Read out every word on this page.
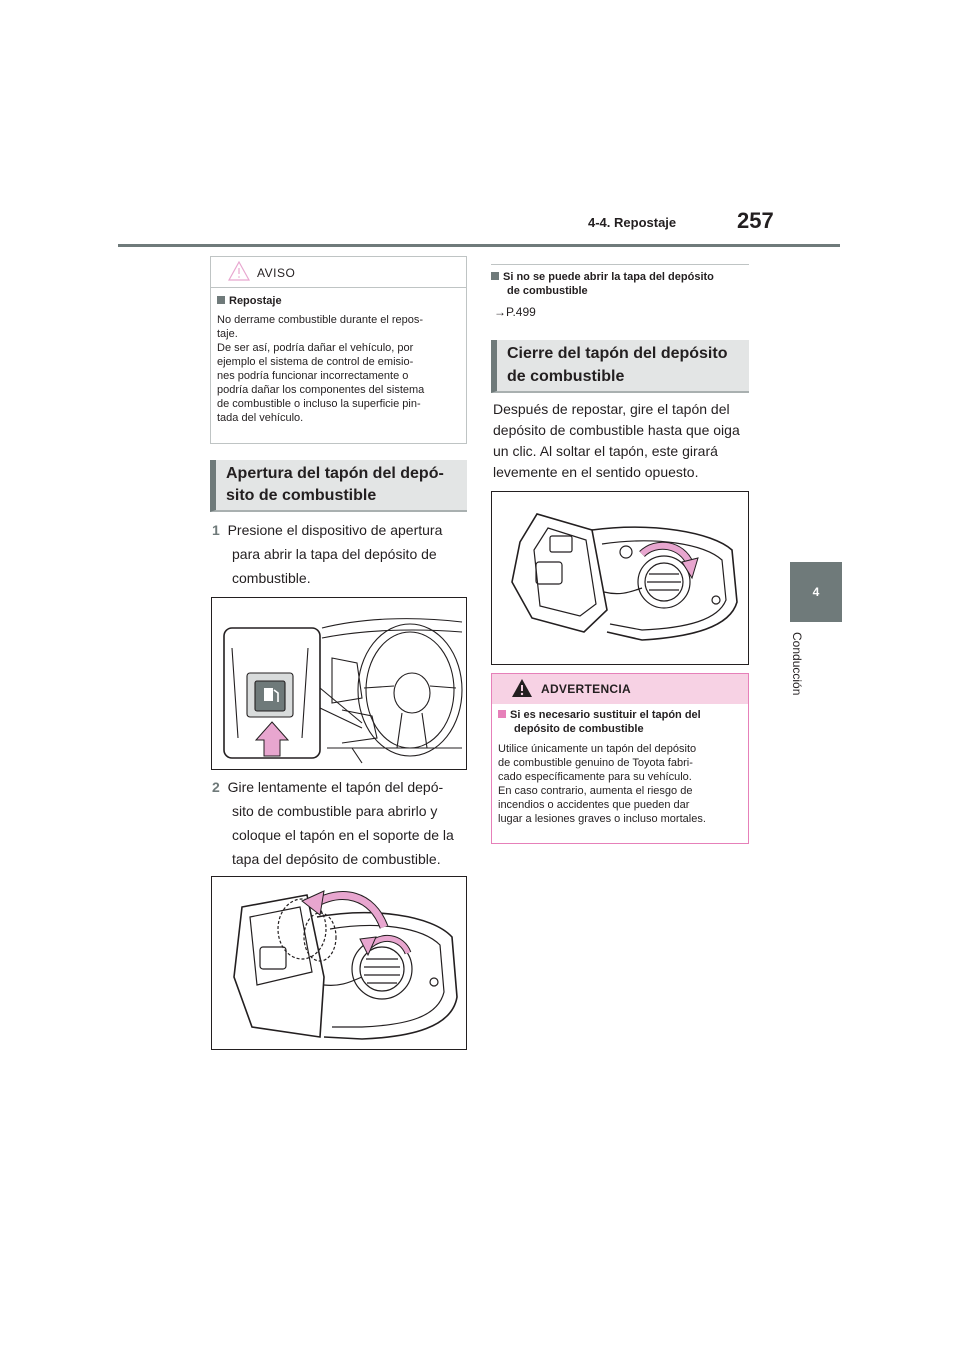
4-4. Repostaje	257
4
Conducción
AVISO
Repostaje
No derrame combustible durante el repos-
taje.
De ser así, podría dañar el vehículo, por
ejemplo el sistema de control de emisio-
nes podría funcionar incorrectamente o
podría dañar los componentes del sistema
de combustible o incluso la superficie pin-
tada del vehículo.
Apertura del tapón del depó-
sito de combustible
1 Presione el dispositivo de apertura
para abrir la tapa del depósito de
combustible.
2 Gire lentamente el tapón del depó-
sito de combustible para abrirlo y
coloque el tapón en el soporte de la
tapa del depósito de combustible.
Si no se puede abrir la tapa del depósito
de combustible
→P.499
Cierre del tapón del depósito
de combustible
Después de repostar, gire el tapón del
depósito de combustible hasta que oiga
un clic. Al soltar el tapón, este girará
levemente en el sentido opuesto.
ADVERTENCIA
Si es necesario sustituir el tapón del
depósito de combustible
Utilice únicamente un tapón del depósito
de combustible genuino de Toyota fabri-
cado específicamente para su vehículo.
En caso contrario, aumenta el riesgo de
incendios o accidentes que pueden dar
lugar a lesiones graves o incluso mortales.
